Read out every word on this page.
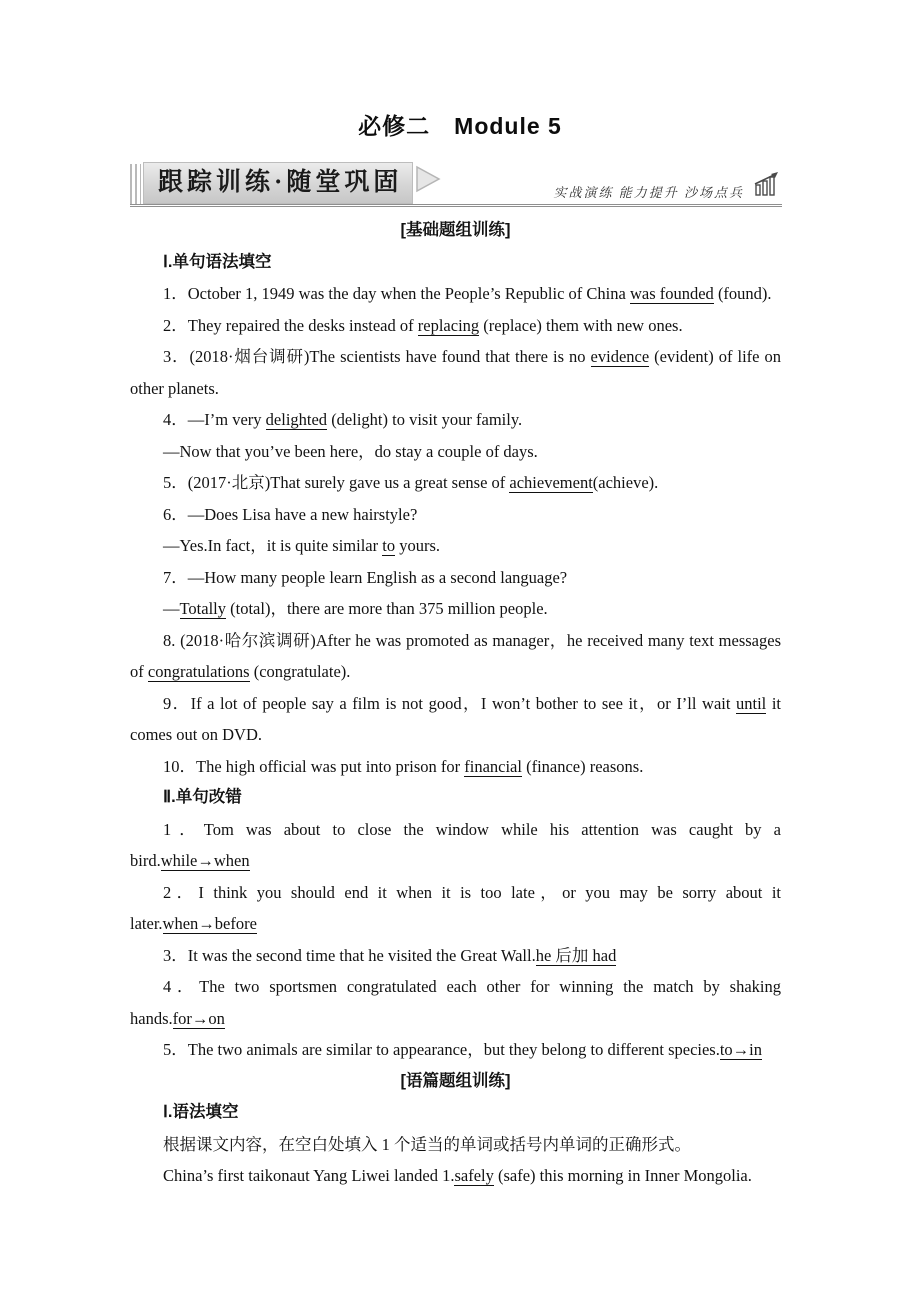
必修二　Module 5
跟踪训练·随堂巩固	实战演练 能力提升 沙场点兵

[基础题组训练]

Ⅰ.单句语法填空

1．October 1, 1949 was the day when the People’s Republic of China was founded (found).

2．They repaired the desks instead of replacing (replace) them with new ones.

3．(2018·烟台调研)The scientists have found that there is no evidence (evident) of life on other planets.

4．—I’m very delighted (delight) to visit your family.

—Now that you’ve been here，do stay a couple of days.

5．(2017·北京)That surely gave us a great sense of achievement(achieve).

6．—Does Lisa have a new hairstyle?

—Yes.In fact，it is quite similar to yours.

7．—How many people learn English as a second language?

—Totally (total)，there are more than 375 million people.

8. (2018·哈尔滨调研)After he was promoted as manager，he received many text messages of congratulations (congratulate).

9．If a lot of people say a film is not good，I won’t bother to see it，or I’ll wait until it comes out on DVD.

10．The high official was put into prison for financial (finance) reasons.

Ⅱ.单句改错

1．Tom was about to close the window while his attention was caught by a bird.while→when

2．I think you should end it when it is too late，or you may be sorry about it later.when→before

3．It was the second time that he visited the Great Wall.he 后加 had

4．The two sportsmen congratulated each other for winning the match by shaking hands.for→on

5．The two animals are similar to appearance，but they belong to different species.to→in

[语篇题组训练]

Ⅰ.语法填空

根据课文内容，在空白处填入 1 个适当的单词或括号内单词的正确形式。

China’s first taikonaut Yang Liwei landed 1.safely (safe) this morning in Inner Mongolia.
